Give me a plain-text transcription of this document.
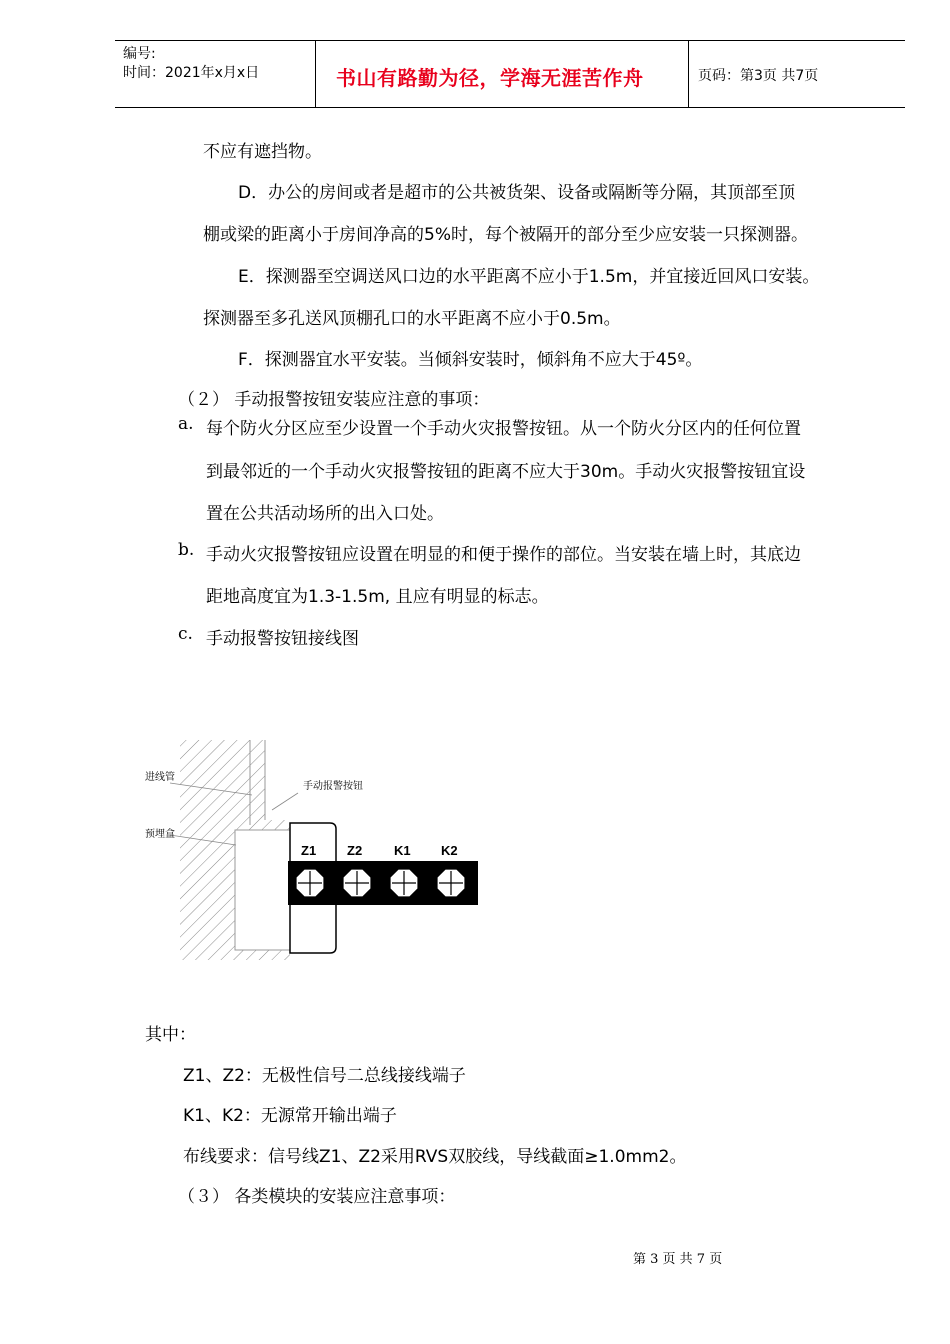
编号:
时间：2021年x月x日	书山有路勤为径，学海无涯苦作舟	页码：第3页 共7页
不应有遮挡物。
D．办公的房间或者是超市的公共被货架、设备或隔断等分隔，其顶部至顶
棚或梁的距离小于房间净高的5%时，每个被隔开的部分至少应安装一只探测器。
E．探测器至空调送风口边的水平距离不应小于1.5m，并宜接近回风口安装。
探测器至多孔送风顶棚孔口的水平距离不应小于0.5m。
F．探测器宜水平安装。当倾斜安装时，倾斜角不应大于45º。
（２） 手动报警按钮安装应注意的事项：
a. 每个防火分区应至少设置一个手动火灾报警按钮。从一个防火分区内的任何位置
到最邻近的一个手动火灾报警按钮的距离不应大于30m。手动火灾报警按钮宜设
置在公共活动场所的出入口处。
b. 手动火灾报警按钮应设置在明显的和便于操作的部位。当安装在墙上时，其底边
距地高度宜为1.3-1.5m, 且应有明显的标志。
c. 手动报警按钮接线图
进线管
预埋盒
手动报警按钮
Z1 Z2 K1 K2
其中：
Z1、Z2：无极性信号二总线接线端子
K1、K2：无源常开输出端子
布线要求：信号线Z1、Z2采用RVS双胶线，导线截面≥1.0mm2。
（３） 各类模块的安装应注意事项：
第 3 页 共 7 页
